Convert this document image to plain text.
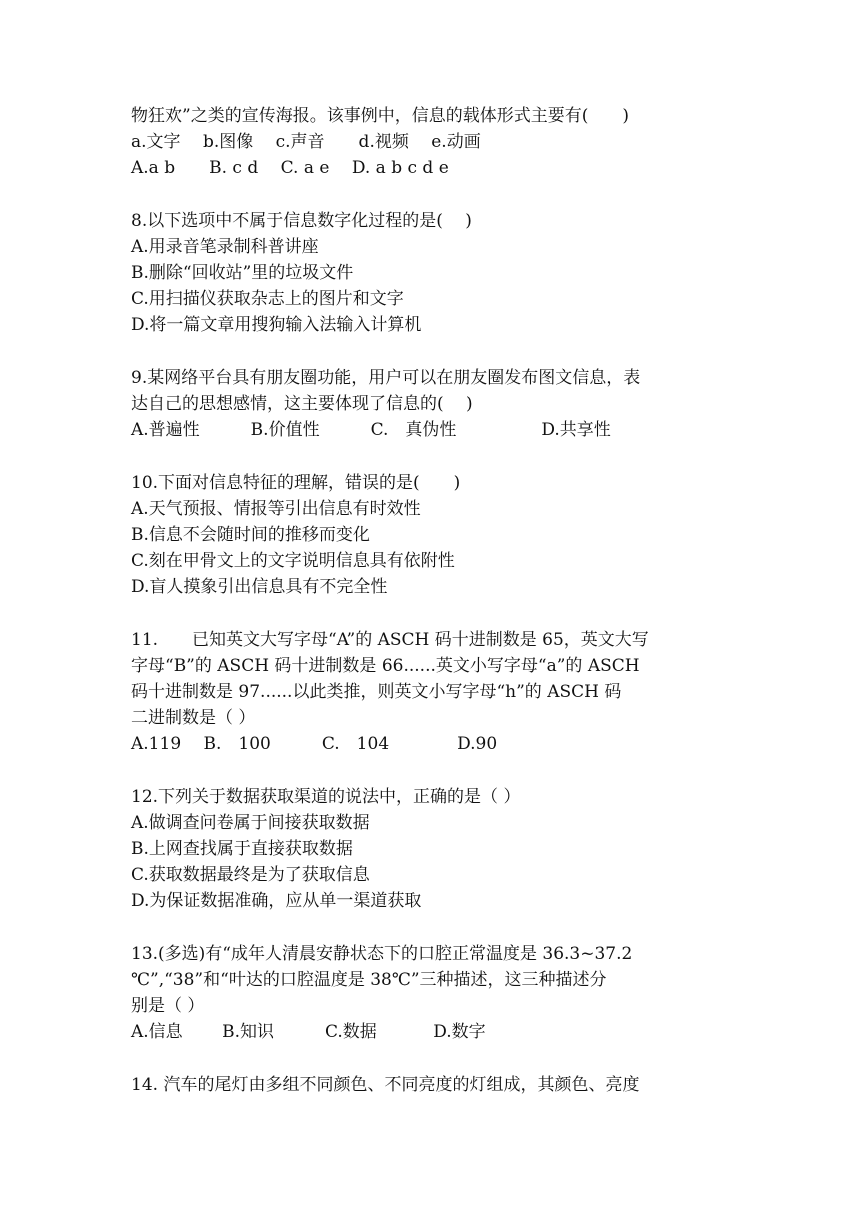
物狂欢”之类的宣传海报。该事例中，信息的载体形式主要有(　　)
a.文字　 b.图像　 c.声音　　d.视频　 e.动画
A.a b　　B. c d　 C. a e　 D. a b c d e
8.以下选项中不属于信息数字化过程的是(　 )
A.用录音笔录制科普讲座
B.删除“回收站”里的垃圾文件
C.用扫描仪获取杂志上的图片和文字
D.将一篇文章用搜狗输入法输入计算机
9.某网络平台具有朋友圈功能，用户可以在朋友圈发布图文信息，表
达自己的思想感情，这主要体现了信息的(　 )
A.普遍性　　　B.价值性　　　C.　真伪性　　　　　D.共享性
10.下面对信息特征的理解，错误的是(　　)
A.天气预报、情报等引出信息有时效性
B.信息不会随时间的推移而变化
C.刻在甲骨文上的文字说明信息具有依附性
D.盲人摸象引出信息具有不完全性
11.　　已知英文大写字母“A”的 ASCH 码十进制数是 65，英文大写
字母“B”的 ASCH 码十进制数是 66......英文小写字母“a”的 ASCH
码十进制数是 97......以此类推，则英文小写字母“h”的 ASCH 码
二进制数是（ ）
A.119　 B.　100　　　C.　104　　　　D.90
12.下列关于数据获取渠道的说法中，正确的是（ ）
A.做调查问卷属于间接获取数据
B.上网查找属于直接获取数据
C.获取数据最终是为了获取信息
D.为保证数据准确，应从单一渠道获取
13.(多选)有“成年人清晨安静状态下的口腔正常温度是 36.3~37.2
℃”,“38”和“叶达的口腔温度是 38℃”三种描述，这三种描述分
别是（ ）
A.信息　　 B.知识　　　C.数据　　　 D.数字
14. 汽车的尾灯由多组不同颜色、不同亮度的灯组成，其颜色、亮度
